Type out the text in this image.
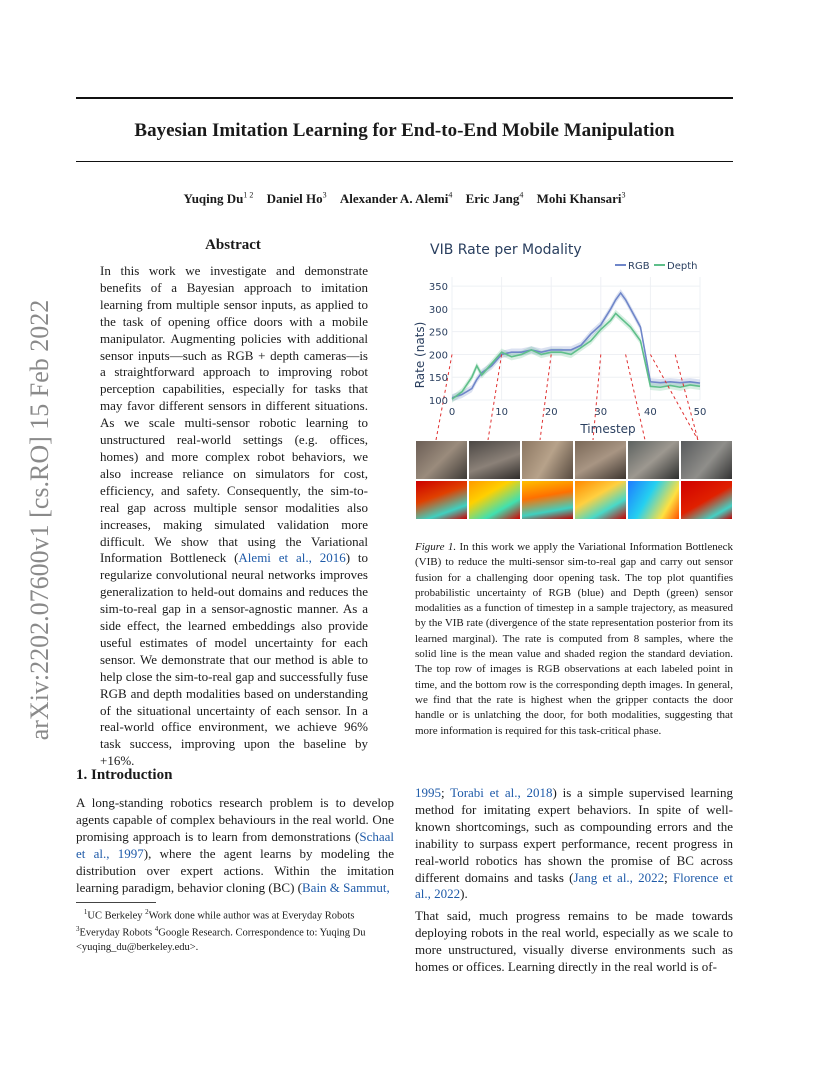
Bayesian Imitation Learning for End-to-End Mobile Manipulation
Yuqing $Du^{1 2}$ Daniel Ho$^3$ Alexander A. Alemi$^4$ Eric Jang$^4$ Mohi Khansari$^3$
arXiv:2202.07600v1 [cs.RO] 15 Feb 2022
Abstract
In this work we investigate and demonstrate benefits of a Bayesian approach to imitation learning from multiple sensor inputs, as applied to the task of opening office doors with a mobile manipulator. Augmenting policies with additional sensor inputs—such as RGB + depth cameras—is a straightforward approach to improving robot perception capabilities, especially for tasks that may favor different sensors in different situations. As we scale multi-sensor robotic learning to unstructured real-world settings (e.g. offices, homes) and more complex robot behaviors, we also increase reliance on simulators for cost, efficiency, and safety. Consequently, the sim-to-real gap across multiple sensor modalities also increases, making simulated validation more difficult. We show that using the Variational Information Bottleneck (Alemi et al., 2016) to regularize convolutional neural networks improves generalization to held-out domains and reduces the sim-to-real gap in a sensor-agnostic manner. As a side effect, the learned embeddings also provide useful estimates of model uncertainty for each sensor. We demonstrate that our method is able to help close the sim-to-real gap and successfully fuse RGB and depth modalities based on understanding of the situational uncertainty of each sensor. In a real-world office environment, we achieve 96% task success, improving upon the baseline by +16%.
1. Introduction
A long-standing robotics research problem is to develop agents capable of complex behaviours in the real world. One promising approach is to learn from demonstrations (Schaal et al., 1997), where the agent learns by modeling the distribution over expert actions. Within the imitation learning paradigm, behavior cloning (BC) (Bain & Sammut,
$^1$UC Berkeley $^2$Work done while author was at Everyday Robots
$^3$Everyday Robots $^4$Google Research. Correspondence to: Yuqing Du <yuqing_du@berkeley.edu>.
1995; Torabi et al., 2018) is a simple supervised learning method for imitating expert behaviors. In spite of well-known shortcomings, such as compounding errors and the inability to surpass expert performance, recent progress in real-world robotics has shown the promise of BC across different domains and tasks (Jang et al., 2022; Florence et al., 2022).
That said, much progress remains to be made towards deploying robots in the real world, especially as we scale to more unstructured, visually diverse environments such as homes or offices. Learning directly in the real world is of-
VIB Rate per Modality
RGB Depth
100
150
200
250
300
350
0	10	20	30	40	50
Timestep
Rate (nats)
Figure 1. In this work we apply the Variational Information Bottleneck (VIB) to reduce the multi-sensor sim-to-real gap and carry out sensor fusion for a challenging door opening task. The top plot quantifies probabilistic uncertainty of RGB (blue) and Depth (green) sensor modalities as a function of timestep in a sample trajectory, as measured by the VIB rate (divergence of the state representation posterior from its learned marginal). The rate is computed from 8 samples, where the solid line is the mean value and shaded region the standard deviation. The top row of images is RGB observations at each labeled point in time, and the bottom row is the corresponding depth images. In general, we find that the rate is highest when the gripper contacts the door handle or is unlatching the door, for both modalities, suggesting that more information is required for this task-critical phase.
